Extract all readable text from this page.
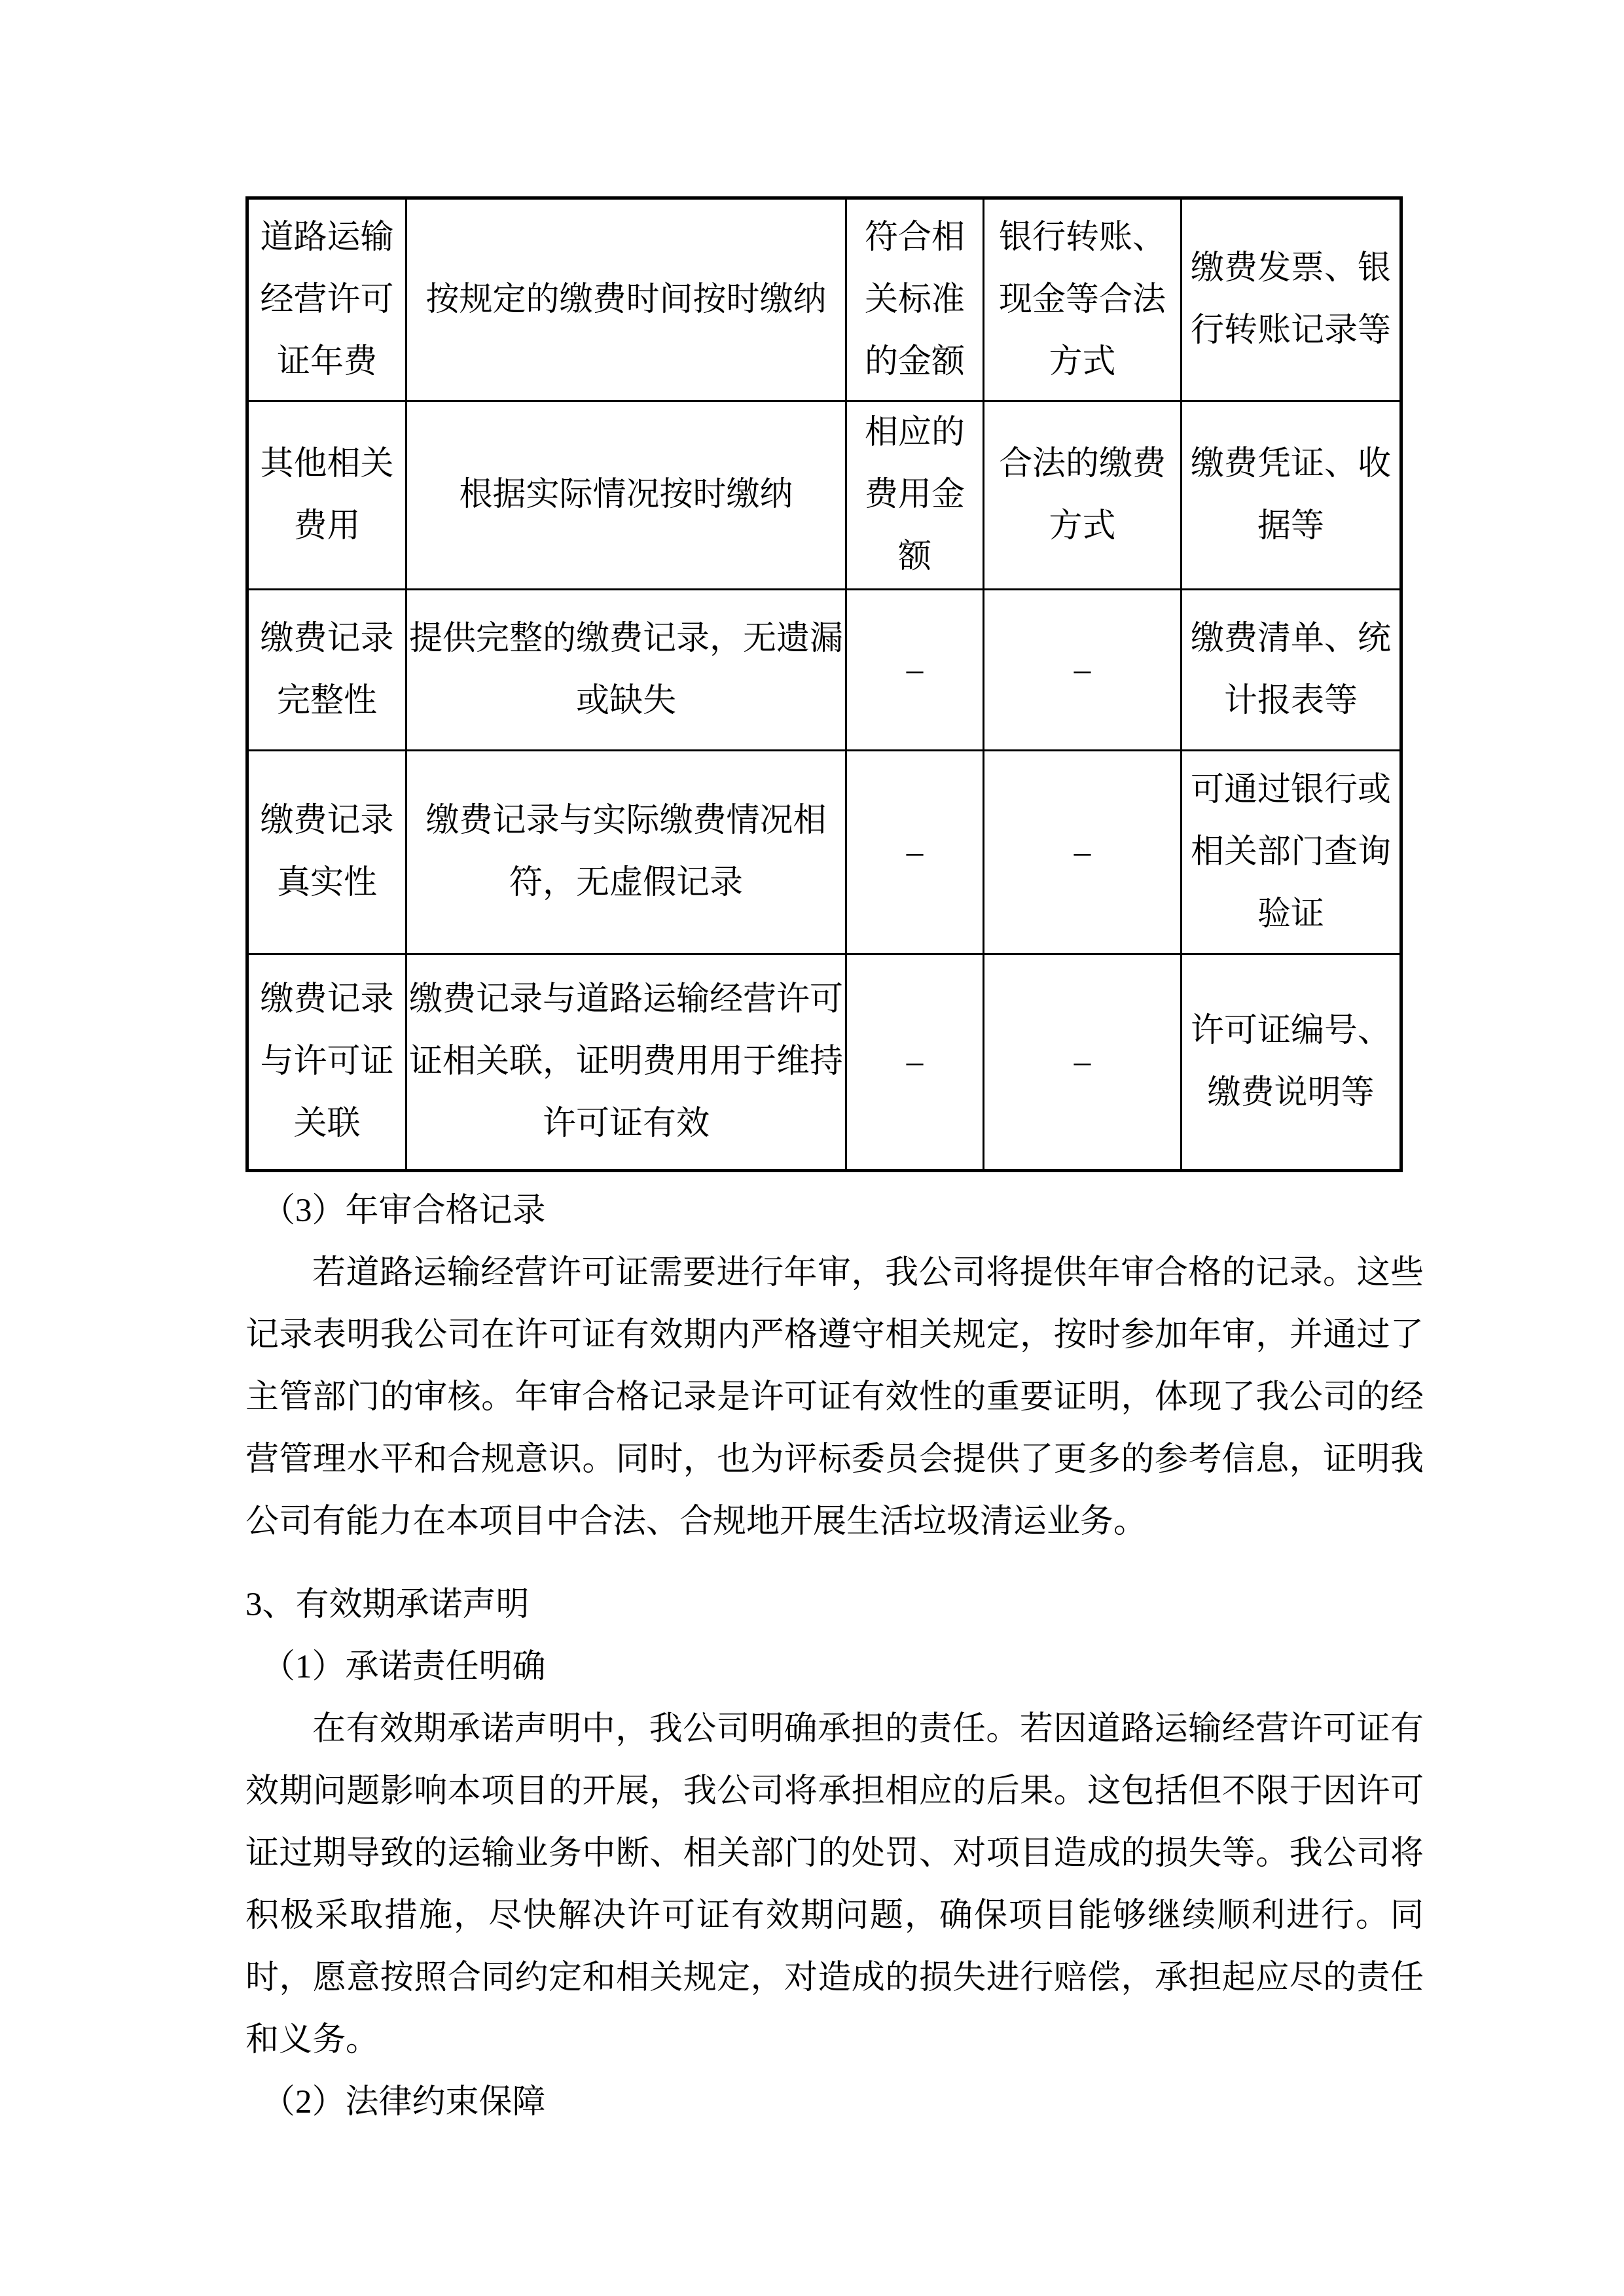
道路运输经营许可证年费	按规定的缴费时间按时缴纳	符合相关标准的金额	银行转账、现金等合法方式	缴费发票、银行转账记录等
其他相关费用	根据实际情况按时缴纳	相应的费用金额	合法的缴费方式	缴费凭证、收据等
缴费记录完整性	提供完整的缴费记录，无遗漏或缺失	–	–	缴费清单、统计报表等
缴费记录真实性	缴费记录与实际缴费情况相符，无虚假记录	–	–	可通过银行或相关部门查询验证
缴费记录与许可证关联	缴费记录与道路运输经营许可证相关联，证明费用用于维持许可证有效	–	–	许可证编号、缴费说明等
（3）年审合格记录

若道路运输经营许可证需要进行年审，我公司将提供年审合格的记录。这些记录表明我公司在许可证有效期内严格遵守相关规定，按时参加年审，并通过了主管部门的审核。年审合格记录是许可证有效性的重要证明，体现了我公司的经营管理水平和合规意识。同时，也为评标委员会提供了更多的参考信息，证明我公司有能力在本项目中合法、合规地开展生活垃圾清运业务。

3、有效期承诺声明
（1）承诺责任明确

在有效期承诺声明中，我公司明确承担的责任。若因道路运输经营许可证有效期问题影响本项目的开展，我公司将承担相应的后果。这包括但不限于因许可证过期导致的运输业务中断、相关部门的处罚、对项目造成的损失等。我公司将积极采取措施，尽快解决许可证有效期问题，确保项目能够继续顺利进行。同时，愿意按照合同约定和相关规定，对造成的损失进行赔偿，承担起应尽的责任和义务。

（2）法律约束保障
